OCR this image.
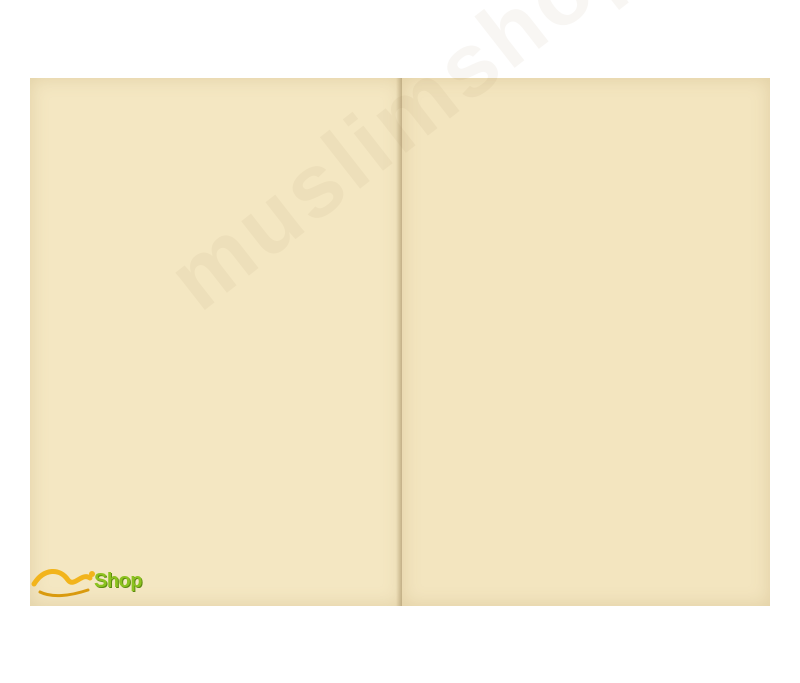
Shop
